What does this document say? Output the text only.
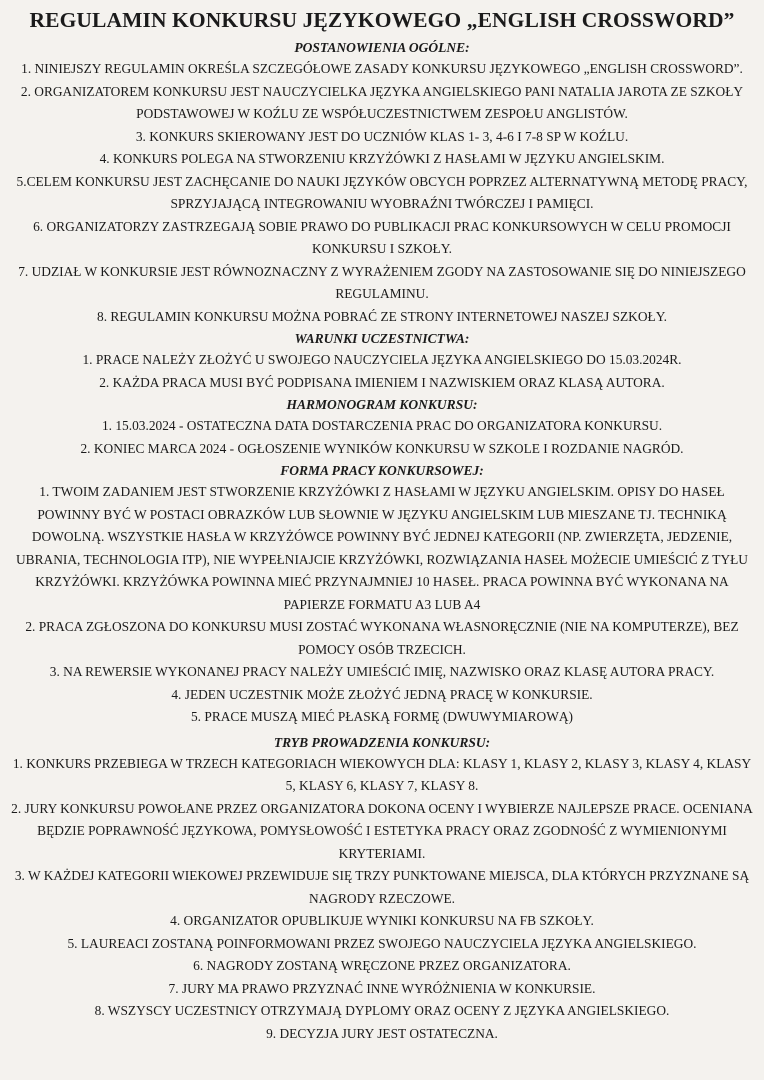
REGULAMIN KONKURSU JĘZYKOWEGO „ENGLISH CROSSWORD”
POSTANOWIENIA OGÓLNE:

1. NINIEJSZY REGULAMIN OKREŚLA SZCZEGÓŁOWE ZASADY KONKURSU JĘZYKOWEGO „ENGLISH CROSSWORD”.

2. ORGANIZATOREM KONKURSU JEST NAUCZYCIELKA JĘZYKA ANGIELSKIEGO PANI NATALIA JAROTA ZE SZKOŁY PODSTAWOWEJ W KOŹLU ZE WSPÓŁUCZESTNICTWEM ZESPOŁU ANGLISTÓW.

3. KONKURS SKIEROWANY JEST DO UCZNIÓW KLAS 1- 3, 4-6 I 7-8 SP W KOŹLU.

4. KONKURS POLEGA NA STWORZENIU KRZYŻÓWKI Z HASŁAMI W JĘZYKU ANGIELSKIM.

5.CELEM KONKURSU JEST ZACHĘCANIE DO NAUKI JĘZYKÓW OBCYCH POPRZEZ ALTERNATYWNĄ METODĘ PRACY, SPRZYJAJĄCĄ INTEGROWANIU WYOBRAŹNI TWÓRCZEJ I PAMIĘCI.

6. ORGANIZATORZY ZASTRZEGAJĄ SOBIE PRAWO DO PUBLIKACJI PRAC KONKURSOWYCH W CELU PROMOCJI KONKURSU I SZKOŁY.

7. UDZIAŁ W KONKURSIE JEST RÓWNOZNACZNY Z WYRAŻENIEM ZGODY NA ZASTOSOWANIE SIĘ DO NINIEJSZEGO REGULAMINU.

8. REGULAMIN KONKURSU MOŻNA POBRAĆ ZE STRONY INTERNETOWEJ NASZEJ SZKOŁY.

WARUNKI UCZESTNICTWA:

1. PRACE NALEŻY ZŁOŻYĆ U SWOJEGO NAUCZYCIELA JĘZYKA ANGIELSKIEGO DO 15.03.2024R.

2. KAŻDA PRACA MUSI BYĆ PODPISANA IMIENIEM I NAZWISKIEM ORAZ KLASĄ AUTORA.

HARMONOGRAM KONKURSU:

1. 15.03.2024 - OSTATECZNA DATA DOSTARCZENIA PRAC DO ORGANIZATORA KONKURSU.

2. KONIEC MARCA 2024 - OGŁOSZENIE WYNIKÓW KONKURSU W SZKOLE I ROZDANIE NAGRÓD.

FORMA PRACY KONKURSOWEJ:

1. TWOIM ZADANIEM JEST STWORZENIE KRZYŻÓWKI Z HASŁAMI W JĘZYKU ANGIELSKIM. OPISY DO HASEŁ POWINNY BYĆ W POSTACI OBRAZKÓW LUB SŁOWNIE W JĘZYKU ANGIELSKIM LUB MIESZANE TJ. TECHNIKĄ DOWOLNĄ. WSZYSTKIE HASŁA W KRZYŻÓWCE POWINNY BYĆ JEDNEJ KATEGORII (NP. ZWIERZĘTA, JEDZENIE, UBRANIA, TECHNOLOGIA ITP), NIE WYPEŁNIAJCIE KRZYŻÓWKI, ROZWIĄZANIA HASEŁ MOŻECIE UMIEŚCIĆ Z TYŁU KRZYŻÓWKI. KRZYŻÓWKA POWINNA MIEĆ PRZYNAJMNIEJ 10 HASEŁ. PRACA POWINNA BYĆ WYKONANA NA PAPIERZE FORMATU A3 LUB A4

2. PRACA ZGŁOSZONA DO KONKURSU MUSI ZOSTAĆ WYKONANA WŁASNORĘCZNIE (NIE NA KOMPUTERZE), BEZ POMOCY OSÓB TRZECICH.

3. NA REWERSIE WYKONANEJ PRACY NALEŻY UMIEŚCIĆ IMIĘ, NAZWISKO ORAZ KLASĘ AUTORA PRACY.

4. JEDEN UCZESTNIK MOŻE ZŁOŻYĆ JEDNĄ PRACĘ W KONKURSIE.

5. PRACE MUSZĄ MIEĆ PŁASKĄ FORMĘ (DWUWYMIAROWĄ)

TRYB PROWADZENIA KONKURSU:

1. KONKURS PRZEBIEGA W TRZECH KATEGORIACH WIEKOWYCH DLA: KLASY 1, KLASY 2, KLASY 3, KLASY 4, KLASY 5, KLASY 6, KLASY 7, KLASY 8.

2. JURY KONKURSU POWOŁANE PRZEZ ORGANIZATORA DOKONA OCENY I WYBIERZE NAJLEPSZE PRACE. OCENIANA BĘDZIE POPRAWNOŚĆ JĘZYKOWA, POMYSŁOWOŚĆ I ESTETYKA PRACY ORAZ ZGODNOŚĆ Z WYMIENIONYMI KRYTERIAMI.

3. W KAŻDEJ KATEGORII WIEKOWEJ PRZEWIDUJE SIĘ TRZY PUNKTOWANE MIEJSCA, DLA KTÓRYCH PRZYZNANE SĄ NAGRODY RZECZOWE.

4. ORGANIZATOR OPUBLIKUJE WYNIKI KONKURSU NA FB SZKOŁY.

5. LAUREACI ZOSTANĄ POINFORMOWANI PRZEZ SWOJEGO NAUCZYCIELA JĘZYKA ANGIELSKIEGO.

6. NAGRODY ZOSTANĄ WRĘCZONE PRZEZ ORGANIZATORA.

7. JURY MA PRAWO PRZYZNAĆ INNE WYRÓŻNIENIA W KONKURSIE.

8. WSZYSCY UCZESTNICY OTRZYMAJĄ DYPLOMY ORAZ OCENY Z JĘZYKA ANGIELSKIEGO.

9. DECYZJA JURY JEST OSTATECZNA.
